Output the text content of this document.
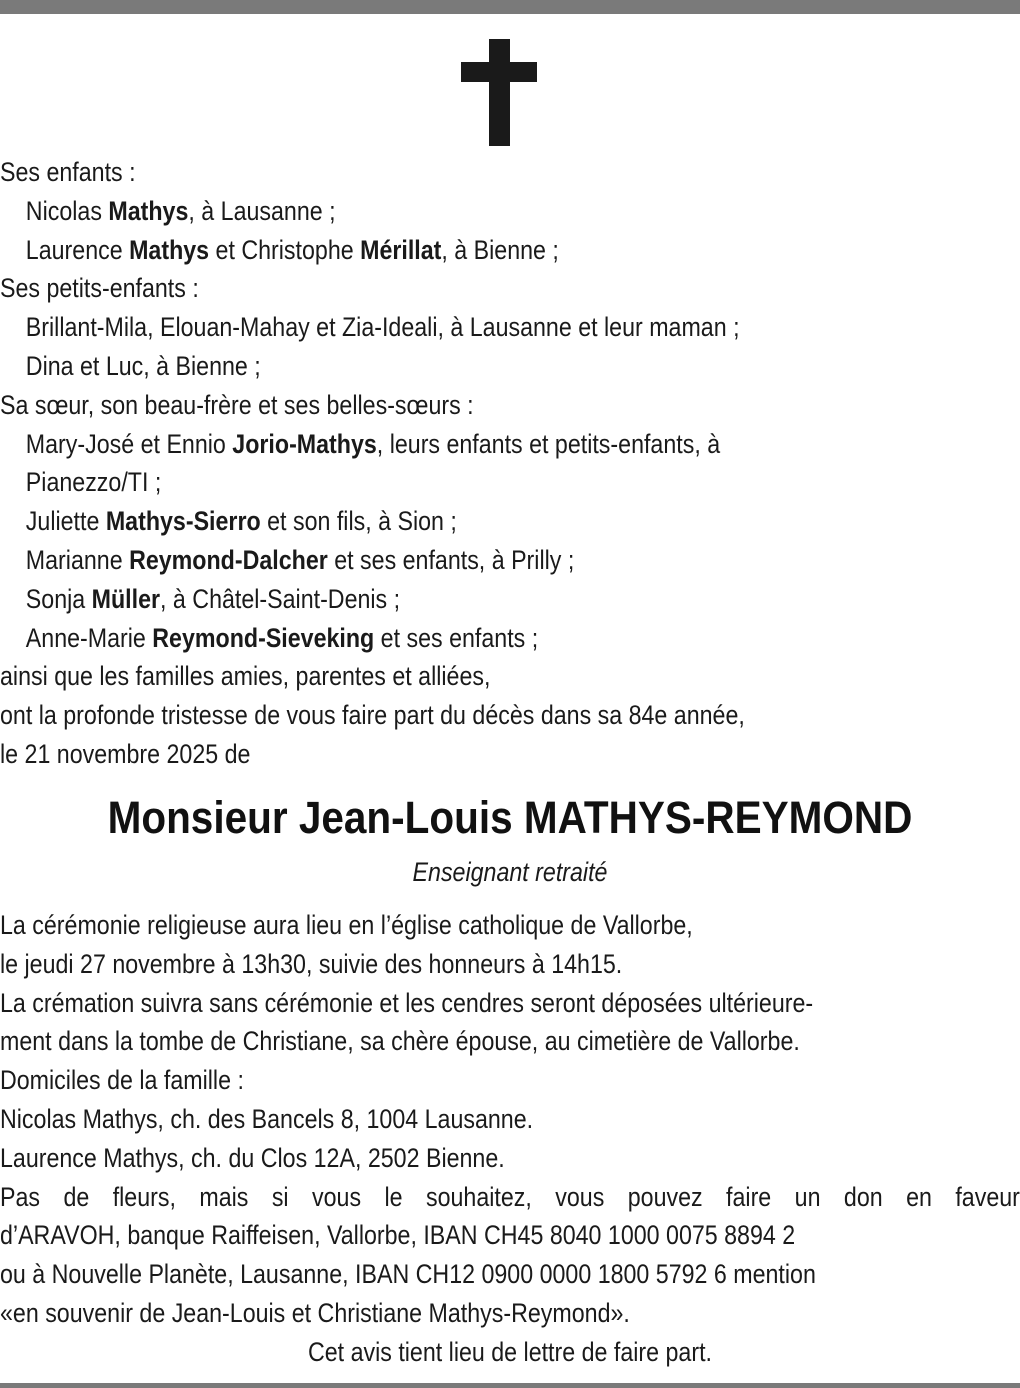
Ses enfants :
Nicolas Mathys, à Lausanne ;
Laurence Mathys et Christophe Mérillat, à Bienne ;
Ses petits-enfants :
Brillant-Mila, Elouan-Mahay et Zia-Ideali, à Lausanne et leur maman ;
Dina et Luc, à Bienne ;
Sa sœur, son beau-frère et ses belles-sœurs :
Mary-José et Ennio Jorio-Mathys, leurs enfants et petits-enfants, à
Pianezzo/TI ;
Juliette Mathys-Sierro et son fils, à Sion ;
Marianne Reymond-Dalcher et ses enfants, à Prilly ;
Sonja Müller, à Châtel-Saint-Denis ;
Anne-Marie Reymond-Sieveking et ses enfants ;
ainsi que les familles amies, parentes et alliées,
ont la profonde tristesse de vous faire part du décès dans sa 84e année,
le 21 novembre 2025 de
Monsieur Jean-Louis MATHYS-REYMOND
Enseignant retraité
La cérémonie religieuse aura lieu en l’église catholique de Vallorbe,
le jeudi 27 novembre à 13h30, suivie des honneurs à 14h15.
La crémation suivra sans cérémonie et les cendres seront déposées ultérieure-
ment dans la tombe de Christiane, sa chère épouse, au cimetière de Vallorbe.
Domiciles de la famille :
Nicolas Mathys, ch. des Bancels 8, 1004 Lausanne.
Laurence Mathys, ch. du Clos 12A, 2502 Bienne.
Pas de fleurs, mais si vous le souhaitez, vous pouvez faire un don en faveur
d’ARAVOH, banque Raiffeisen, Vallorbe, IBAN CH45 8040 1000 0075 8894 2
ou à Nouvelle Planète, Lausanne, IBAN CH12 0900 0000 1800 5792 6 mention
«en souvenir de Jean-Louis et Christiane Mathys-Reymond».
Cet avis tient lieu de lettre de faire part.
